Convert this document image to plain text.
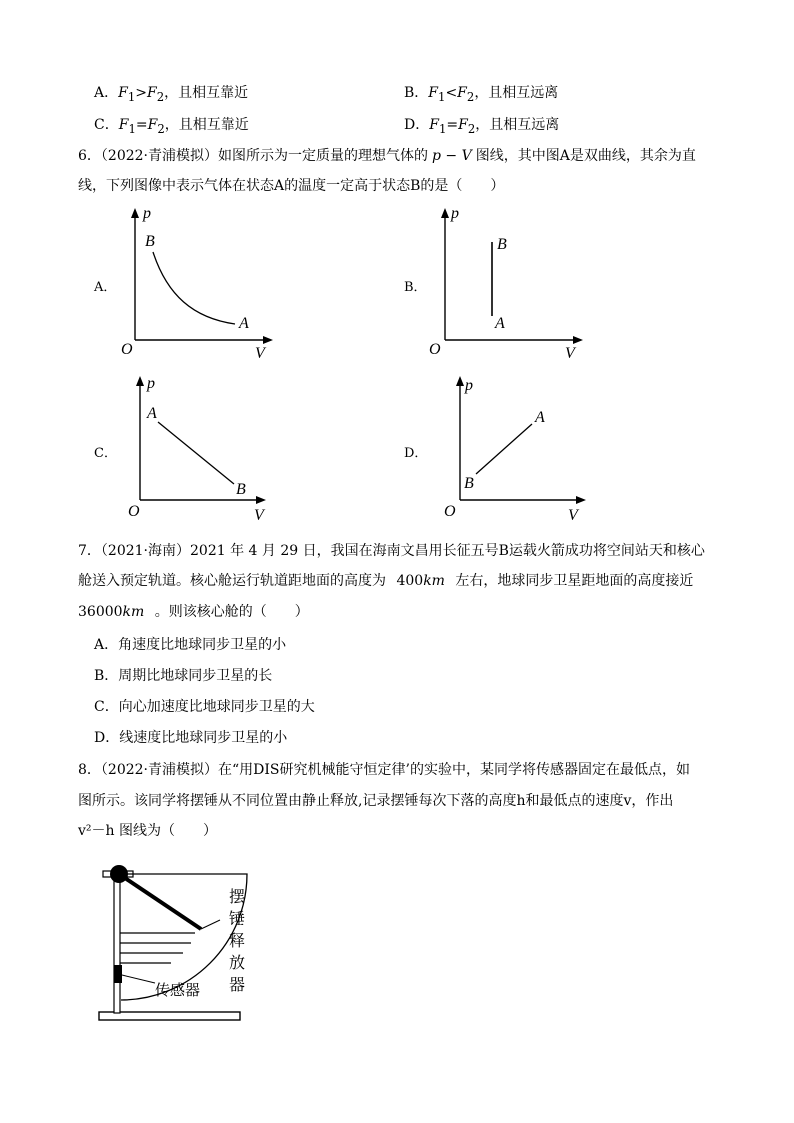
A．$F_1>F_2$，且相互靠近	B．$F_1<F_2$，且相互远离
C．$F_1=F_2$，且相互靠近	D．$F_1=F_2$，且相互远离
6．（2022·青浦模拟）如图所示为一定质量的理想气体的 p − V 图线，其中图A是双曲线，其余为直
线，下列图像中表示气体在状态A的温度一定高于状态B的是（　　）
A．	B．
C．	D．
B
A
p
V
O
B
A
p
V
O
A
B
p
V
O
A
B
p
V
O
7．（2021·海南）2021 年 4 月 29 日，我国在海南文昌用长征五号B运载火箭成功将空间站天和核心
舱送入预定轨道。核心舱运行轨道距地面的高度为 400km 左右，地球同步卫星距地面的高度接近
36000km 。则该核心舱的（　　）
A．角速度比地球同步卫星的小
B．周期比地球同步卫星的长
C．向心加速度比地球同步卫星的大
D．线速度比地球同步卫星的小
8．（2022·青浦模拟）在“用DIS研究机械能守恒定律’的实验中，某同学将传感器固定在最低点，如
图所示。该同学将摆锤从不同位置由静止释放,记录摆锤每次下落的高度h和最低点的速度v，作出
v²－h 图线为（　　）
摆
锤
释
放
器
传感器
